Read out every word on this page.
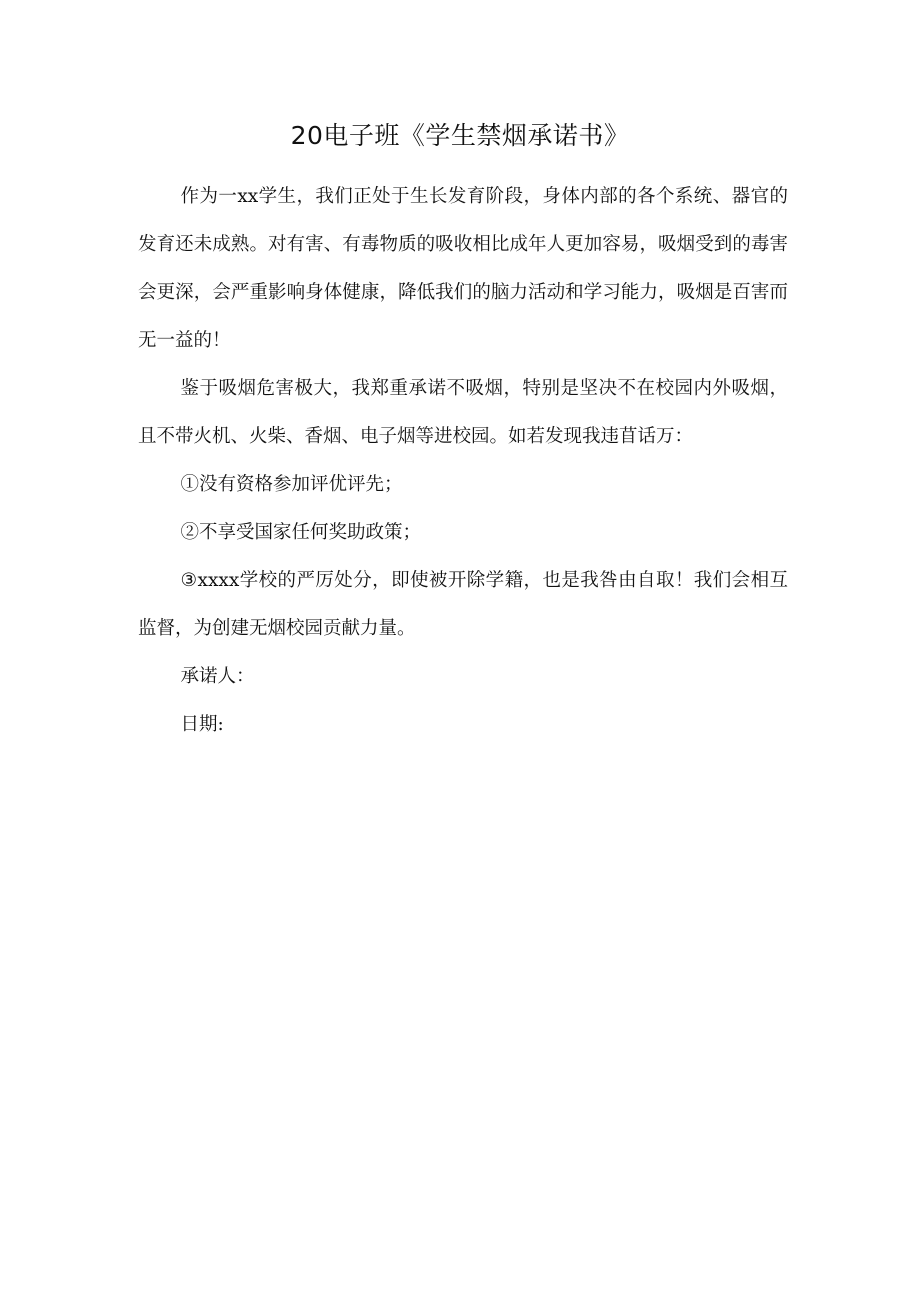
20电子班《学生禁烟承诺书》

作为一xx学生，我们正处于生长发育阶段，身体内部的各个系统、器官的发育还未成熟。对有害、有毒物质的吸收相比成年人更加容易，吸烟受到的毒害会更深，会严重影响身体健康，降低我们的脑力活动和学习能力，吸烟是百害而无一益的！

鉴于吸烟危害极大，我郑重承诺不吸烟，特别是坚决不在校园内外吸烟，且不带火机、火柴、香烟、电子烟等进校园。如若发现我违苜话万：

①没有资格参加评优评先；

②不享受国家任何奖助政策；

③xxxx学校的严厉处分，即使被开除学籍，也是我咎由自取！我们会相互监督，为创建无烟校园贡献力量。

承诺人：

日期:
